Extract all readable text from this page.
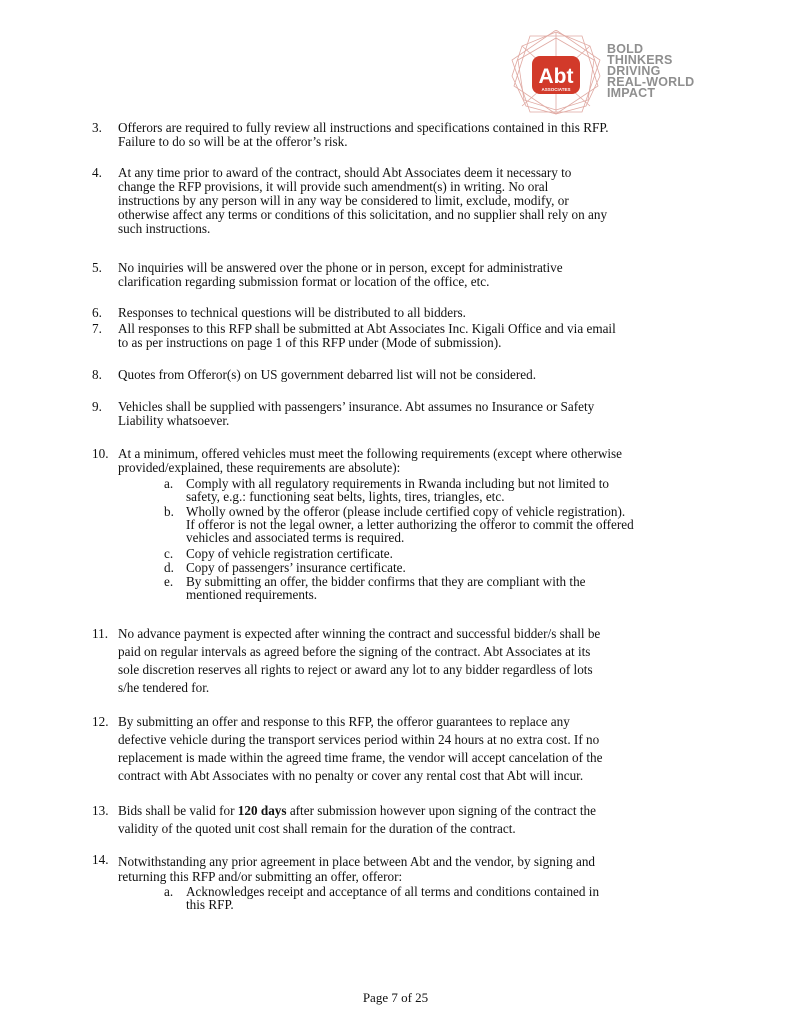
Abt
ASSOCIATES
BOLD
THINKERS
DRIVING
REAL-WORLD
IMPACT
3. Offerors are required to fully review all instructions and specifications contained in this RFP.
Failure to do so will be at the offeror’s risk.
4. At any time prior to award of the contract, should Abt Associates deem it necessary to
change the RFP provisions, it will provide such amendment(s) in writing. No oral
instructions by any person will in any way be considered to limit, exclude, modify, or
otherwise affect any terms or conditions of this solicitation, and no supplier shall rely on any
such instructions.
5. No inquiries will be answered over the phone or in person, except for administrative
clarification regarding submission format or location of the office, etc.
6. Responses to technical questions will be distributed to all bidders.
7. All responses to this RFP shall be submitted at Abt Associates Inc. Kigali Office and via email
to as per instructions on page 1 of this RFP under (Mode of submission).
8. Quotes from Offeror(s) on US government debarred list will not be considered.
9. Vehicles shall be supplied with passengers’ insurance. Abt assumes no Insurance or Safety
Liability whatsoever.
10. At a minimum, offered vehicles must meet the following requirements (except where otherwise
provided/explained, these requirements are absolute):
a. Comply with all regulatory requirements in Rwanda including but not limited to
safety, e.g.: functioning seat belts, lights, tires, triangles, etc.
b. Wholly owned by the offeror (please include certified copy of vehicle registration).
If offeror is not the legal owner, a letter authorizing the offeror to commit the offered
vehicles and associated terms is required.
c. Copy of vehicle registration certificate.
d. Copy of passengers’ insurance certificate.
e. By submitting an offer, the bidder confirms that they are compliant with the
mentioned requirements.
11. No advance payment is expected after winning the contract and successful bidder/s shall be
paid on regular intervals as agreed before the signing of the contract. Abt Associates at its
sole discretion reserves all rights to reject or award any lot to any bidder regardless of lots
s/he tendered for.
12. By submitting an offer and response to this RFP, the offeror guarantees to replace any
defective vehicle during the transport services period within 24 hours at no extra cost. If no
replacement is made within the agreed time frame, the vendor will accept cancelation of the
contract with Abt Associates with no penalty or cover any rental cost that Abt will incur.
13. Bids shall be valid for 120 days after submission however upon signing of the contract the
validity of the quoted unit cost shall remain for the duration of the contract.
14. Notwithstanding any prior agreement in place between Abt and the vendor, by signing and
returning this RFP and/or submitting an offer, offeror:
a. Acknowledges receipt and acceptance of all terms and conditions contained in
this RFP.
Page 7 of 25
